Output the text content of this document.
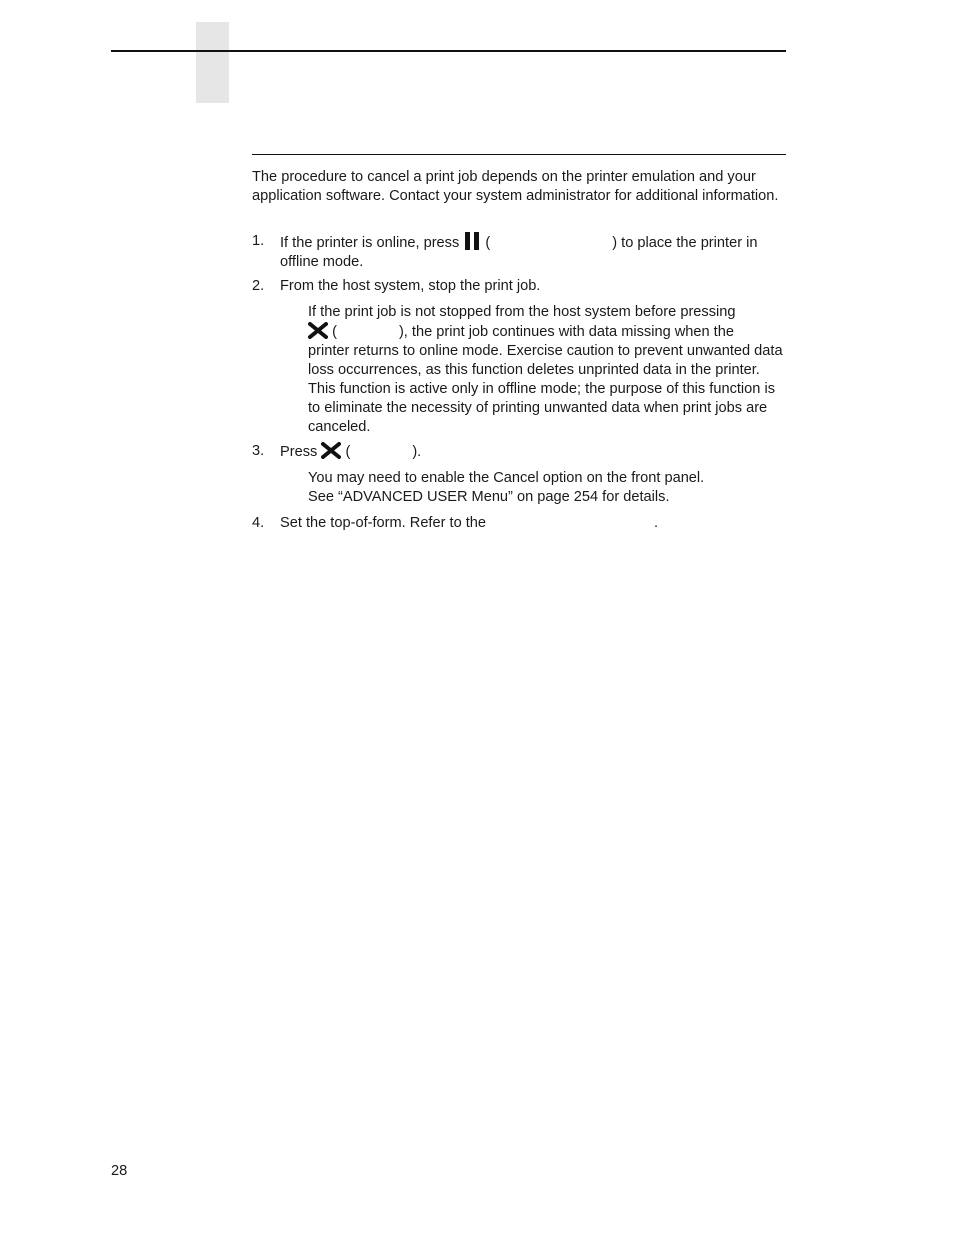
The procedure to cancel a print job depends on the printer emulation and your application software. Contact your system administrator for additional information.

1. If the printer is online, press (	) to place the printer in
offline mode.
2. From the host system, stop the print job.

If the print job is not stopped from the host system before pressing
(	), the print job continues with data missing when the
printer returns to online mode. Exercise caution to prevent unwanted data loss occurrences, as this function deletes unprinted data in the printer. This function is active only in offline mode; the purpose of this function is to eliminate the necessity of printing unwanted data when print jobs are canceled.
3. Press (	).
You may need to enable the Cancel option on the front panel.
See “ADVANCED USER Menu” on page 254 for details.
4. Set the top-of-form. Refer to the	.
28
